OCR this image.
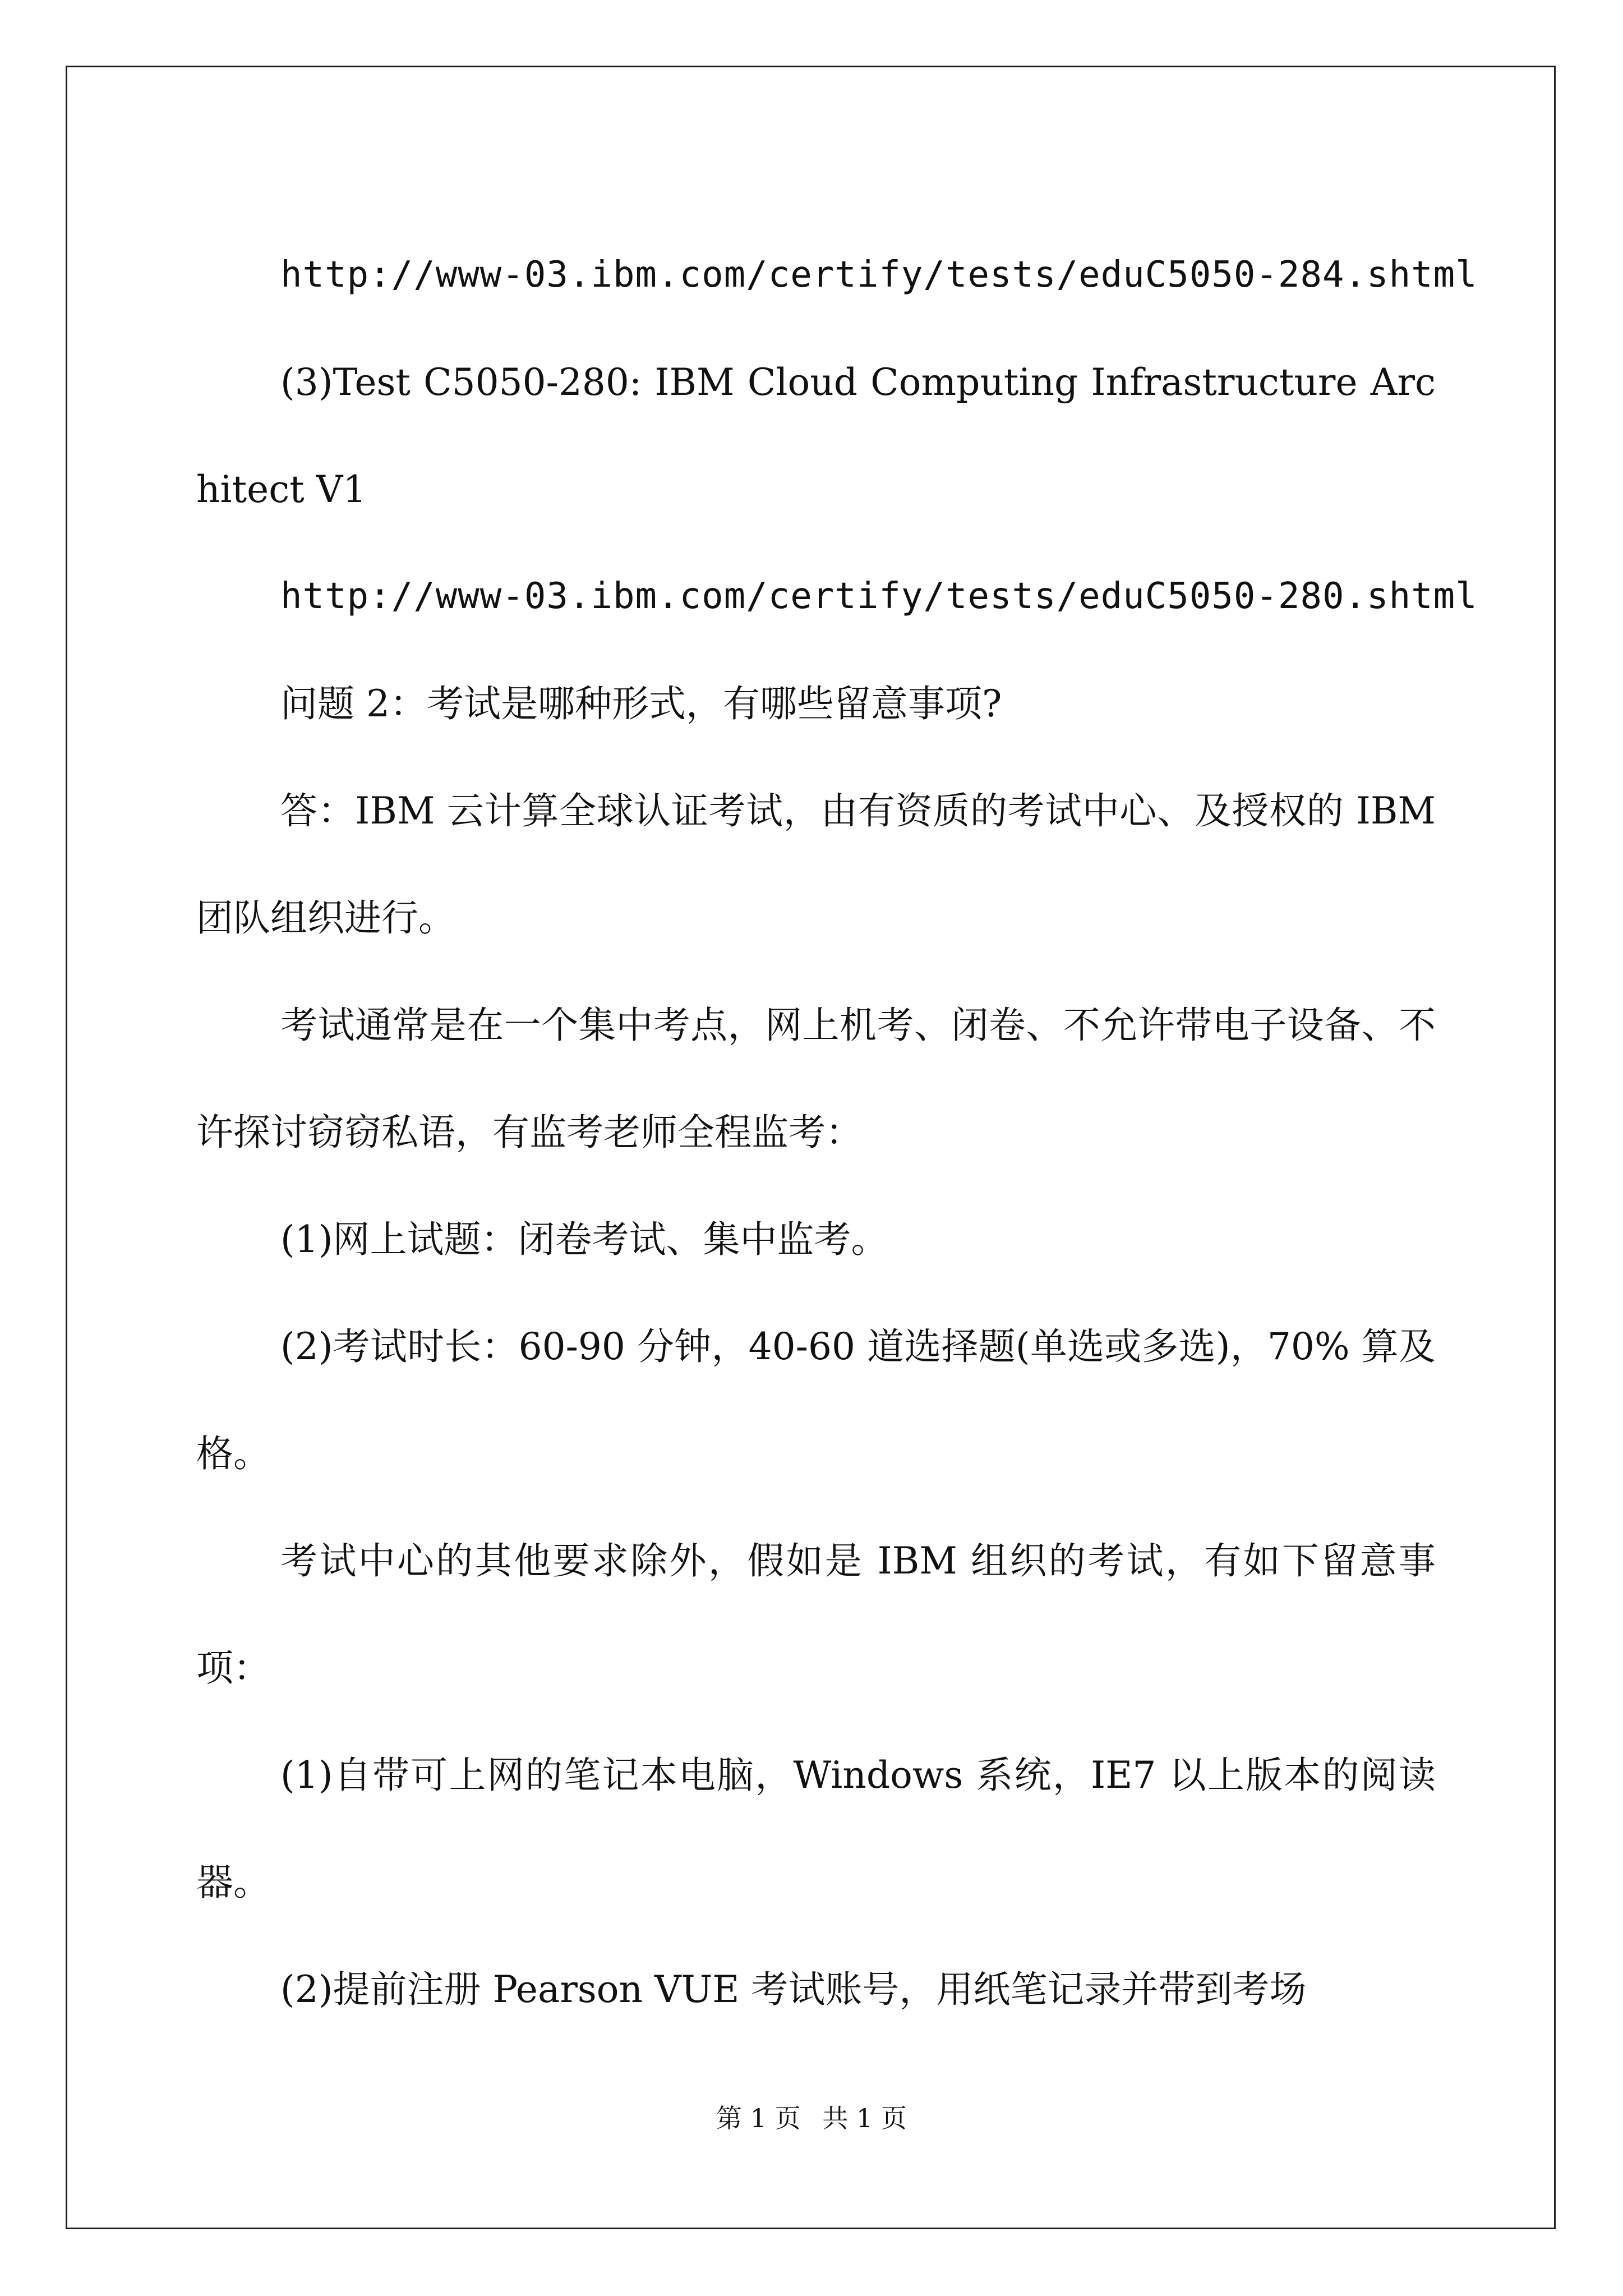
http://www-03.ibm.com/certify/tests/eduC5050-284.shtml

(3)Test C5050-280: IBM Cloud Computing Infrastructure Architect V1

http://www-03.ibm.com/certify/tests/eduC5050-280.shtml

问题 2：考试是哪种形式，有哪些留意事项?

答：IBM 云计算全球认证考试，由有资质的考试中心、及授权的 IBM 团队组织进行。

考试通常是在一个集中考点，网上机考、闭卷、不允许带电子设备、不许探讨窃窃私语，有监考老师全程监考：

(1)网上试题：闭卷考试、集中监考。

(2)考试时长：60-90 分钟，40-60 道选择题(单选或多选)，70% 算及格。

考试中心的其他要求除外，假如是 IBM 组织的考试，有如下留意事项：

(1)自带可上网的笔记本电脑，Windows 系统，IE7 以上版本的阅读器。

(2)提前注册 Pearson VUE 考试账号，用纸笔记录并带到考场

第 1 页 共 1 页
